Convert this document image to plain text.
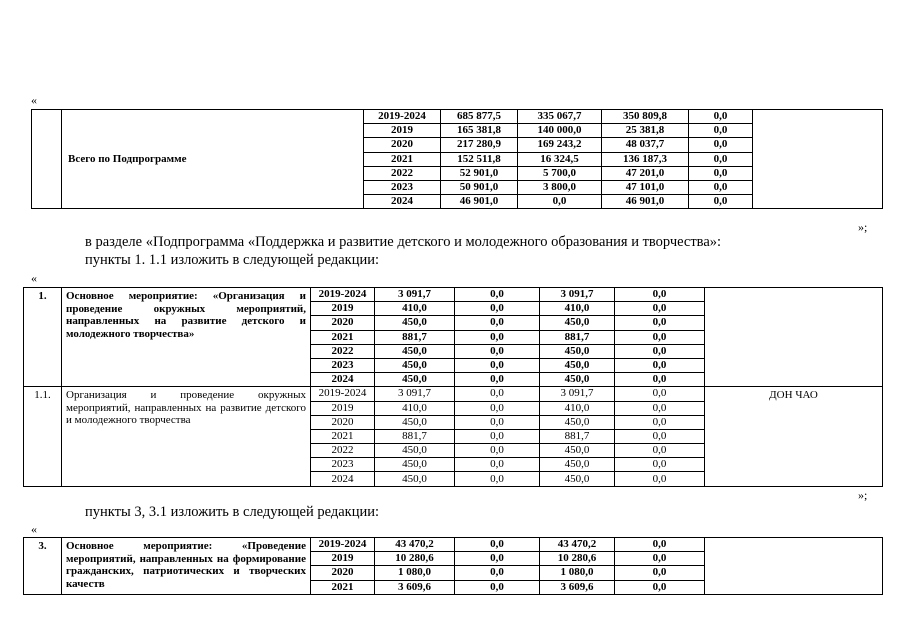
«
	Всего по Подпрограмме	2019-2024	685 877,5	335 067,7	350 809,8	0,0	
		2019	165 381,8	140 000,0	25 381,8	0,0	
		2020	217 280,9	169 243,2	48 037,7	0,0	
		2021	152 511,8	16 324,5	136 187,3	0,0	
		2022	52 901,0	5 700,0	47 201,0	0,0	
		2023	50 901,0	3 800,0	47 101,0	0,0	
		2024	46 901,0	0,0	46 901,0	0,0	
»;
в разделе «Подпрограмма «Поддержка и развитие детского и молодежного образования и творчества»:
пункты 1. 1.1 изложить в следующей редакции:
«
1.	Основное мероприятие: «Организация и проведение окружных мероприятий, направленных на развитие детского и молодежного творчества»	2019-2024	3 091,7	0,0	3 091,7	0,0	
		2019	410,0	0,0	410,0	0,0	
		2020	450,0	0,0	450,0	0,0	
		2021	881,7	0,0	881,7	0,0	
		2022	450,0	0,0	450,0	0,0	
		2023	450,0	0,0	450,0	0,0	
		2024	450,0	0,0	450,0	0,0	
1.1.	Организация и проведение окружных мероприятий, направленных на развитие детского и молодежного творчества	2019-2024	3 091,7	0,0	3 091,7	0,0	ДОН ЧАО
		2019	410,0	0,0	410,0	0,0	
		2020	450,0	0,0	450,0	0,0	
		2021	881,7	0,0	881,7	0,0	
		2022	450,0	0,0	450,0	0,0	
		2023	450,0	0,0	450,0	0,0	
		2024	450,0	0,0	450,0	0,0	
»;
пункты 3, 3.1 изложить в следующей редакции:
«
3.	Основное мероприятие: «Проведение мероприятий, направленных на формирование гражданских, патриотических и творческих качеств	2019-2024	43 470,2	0,0	43 470,2	0,0	
		2019	10 280,6	0,0	10 280,6	0,0	
		2020	1 080,0	0,0	1 080,0	0,0	
		2021	3 609,6	0,0	3 609,6	0,0	
